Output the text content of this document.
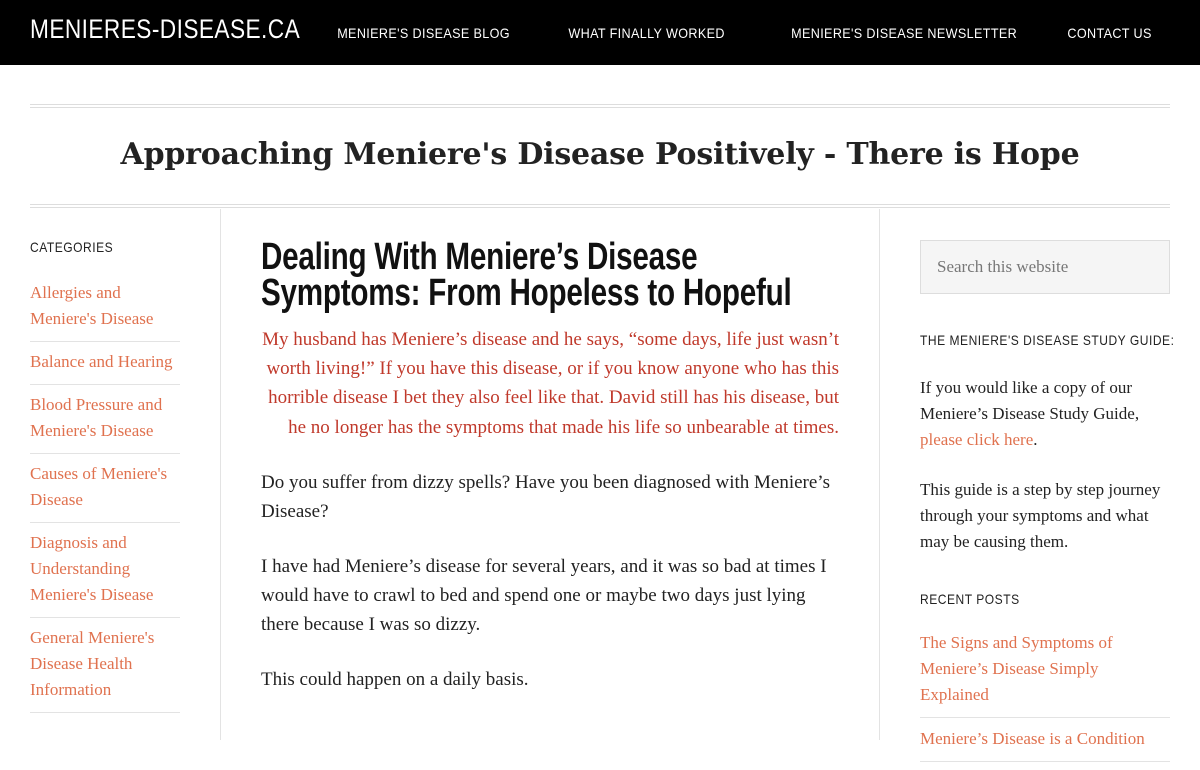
MENIERES-DISEASE.CA	MENIERE'S DISEASE BLOG	WHAT FINALLY WORKED	MENIERE'S DISEASE NEWSLETTER	CONTACT US
Approaching Meniere's Disease Positively - There is Hope
CATEGORIES
Allergies and Meniere's Disease
Balance and Hearing
Blood Pressure and Meniere's Disease
Causes of Meniere's Disease
Diagnosis and Understanding Meniere's Disease
General Meniere's Disease Health Information
Dealing With Meniere’s Disease Symptoms: From Hopeless to Hopeful

My husband has Meniere’s disease and he says, “some days, life just wasn’t worth living!” If you have this disease, or if you know anyone who has this horrible disease I bet they also feel like that. David still has his disease, but he no longer has the symptoms that made his life so unbearable at times.

Do you suffer from dizzy spells? Have you been diagnosed with Meniere’s Disease?

I have had Meniere’s disease for several years, and it was so bad at times I would have to crawl to bed and spend one or maybe two days just lying there because I was so dizzy.

This could happen on a daily basis.

Search this website
THE MENIERE'S DISEASE STUDY GUIDE:

If you would like a copy of our Meniere’s Disease Study Guide, please click here.

This guide is a step by step journey through your symptoms and what may be causing them.

RECENT POSTS
The Signs and Symptoms of Meniere’s Disease Simply Explained
Meniere’s Disease is a Condition
